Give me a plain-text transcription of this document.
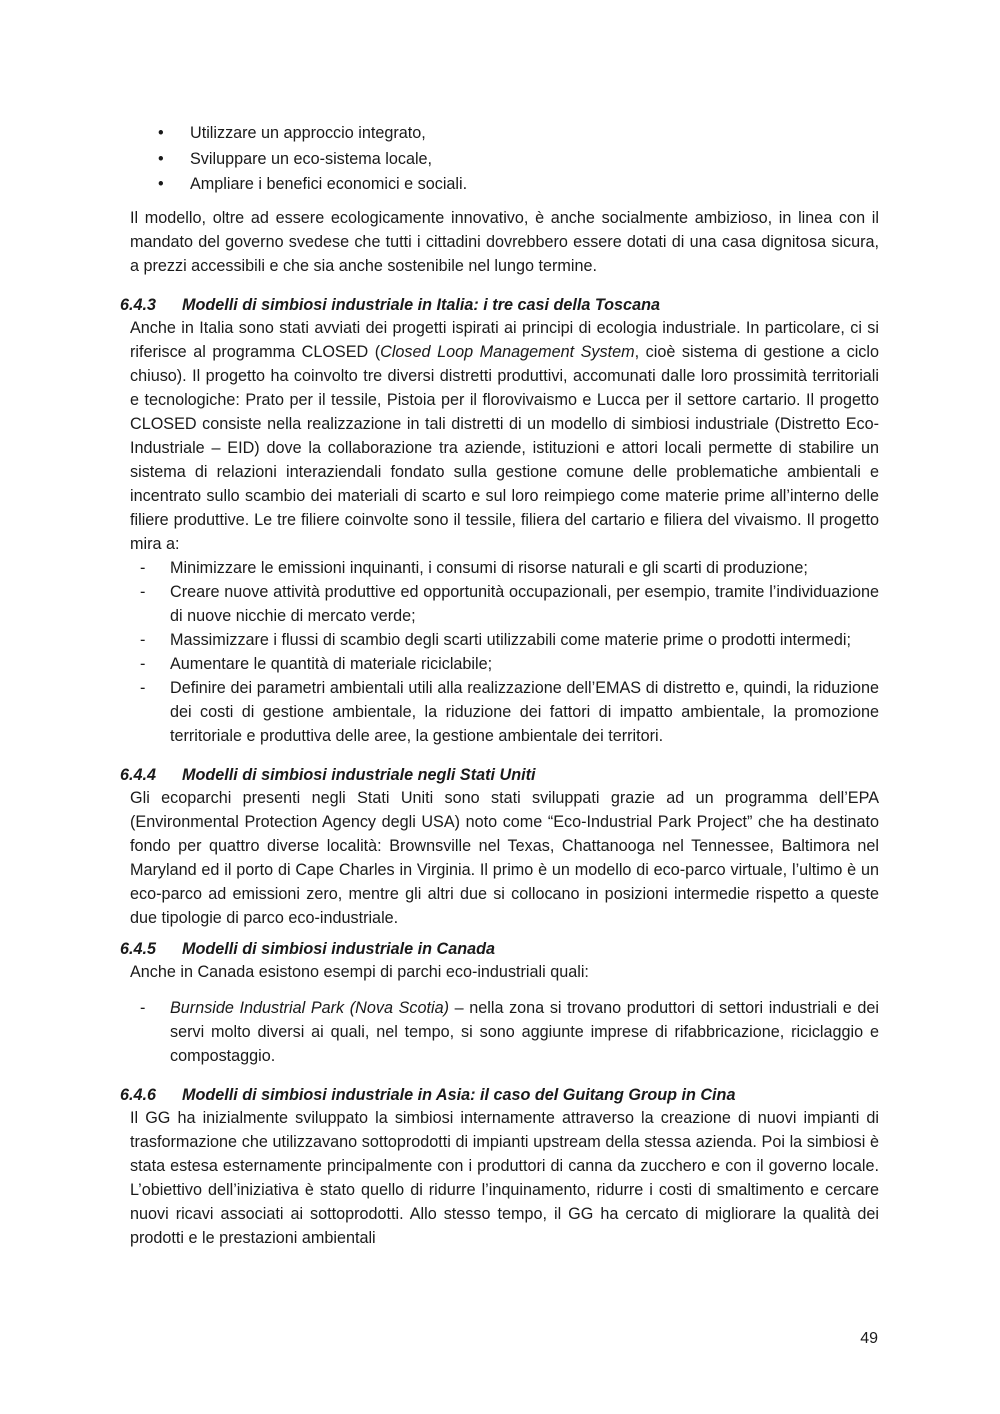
• Utilizzare un approccio integrato,
• Sviluppare un eco-sistema locale,
• Ampliare i benefici economici e sociali.

Il modello, oltre ad essere ecologicamente innovativo, è anche socialmente ambizioso, in linea con il mandato del governo svedese che tutti i cittadini dovrebbero essere dotati di una casa dignitosa sicura, a prezzi accessibili e che sia anche sostenibile nel lungo termine.

6.4.3 Modelli di simbiosi industriale in Italia: i tre casi della Toscana

Anche in Italia sono stati avviati dei progetti ispirati ai principi di ecologia industriale. In particolare, ci si riferisce al programma CLOSED (Closed Loop Management System, cioè sistema di gestione a ciclo chiuso). Il progetto ha coinvolto tre diversi distretti produttivi, accomunati dalle loro prossimità territoriali e tecnologiche: Prato per il tessile, Pistoia per il florovivaismo e Lucca per il settore cartario. Il progetto CLOSED consiste nella realizzazione in tali distretti di un modello di simbiosi industriale (Distretto Eco-Industriale – EID) dove la collaborazione tra aziende, istituzioni e attori locali permette di stabilire un sistema di relazioni interaziendali fondato sulla gestione comune delle problematiche ambientali e incentrato sullo scambio dei materiali di scarto e sul loro reimpiego come materie prime all’interno delle filiere produttive. Le tre filiere coinvolte sono il tessile, filiera del cartario e filiera del vivaismo. Il progetto mira a:

- Minimizzare le emissioni inquinanti, i consumi di risorse naturali e gli scarti di produzione;
- Creare nuove attività produttive ed opportunità occupazionali, per esempio, tramite l’individuazione di nuove nicchie di mercato verde;
- Massimizzare i flussi di scambio degli scarti utilizzabili come materie prime o prodotti intermedi;
- Aumentare le quantità di materiale riciclabile;
- Definire dei parametri ambientali utili alla realizzazione dell’EMAS di distretto e, quindi, la riduzione dei costi di gestione ambientale, la riduzione dei fattori di impatto ambientale, la promozione territoriale e produttiva delle aree, la gestione ambientale dei territori.
6.4.4 Modelli di simbiosi industriale negli Stati Uniti

Gli ecoparchi presenti negli Stati Uniti sono stati sviluppati grazie ad un programma dell’EPA (Environmental Protection Agency degli USA) noto come “Eco-Industrial Park Project” che ha destinato fondo per quattro diverse località: Brownsville nel Texas, Chattanooga nel Tennessee, Baltimora nel Maryland ed il porto di Cape Charles in Virginia. Il primo è un modello di eco-parco virtuale, l’ultimo è un eco-parco ad emissioni zero, mentre gli altri due si collocano in posizioni intermedie rispetto a queste due tipologie di parco eco-industriale.

6.4.5 Modelli di simbiosi industriale in Canada

Anche in Canada esistono esempi di parchi eco-industriali quali:

- Burnside Industrial Park (Nova Scotia) – nella zona si trovano produttori di settori industriali e dei servi molto diversi ai quali, nel tempo, si sono aggiunte imprese di rifabbricazione, riciclaggio e compostaggio.
6.4.6 Modelli di simbiosi industriale in Asia: il caso del Guitang Group in Cina

Il GG ha inizialmente sviluppato la simbiosi internamente attraverso la creazione di nuovi impianti di trasformazione che utilizzavano sottoprodotti di impianti upstream della stessa azienda. Poi la simbiosi è stata estesa esternamente principalmente con i produttori di canna da zucchero e con il governo locale. L’obiettivo dell’iniziativa è stato quello di ridurre l’inquinamento, ridurre i costi di smaltimento e cercare nuovi ricavi associati ai sottoprodotti. Allo stesso tempo, il GG ha cercato di migliorare la qualità dei prodotti e le prestazioni ambientali

49
